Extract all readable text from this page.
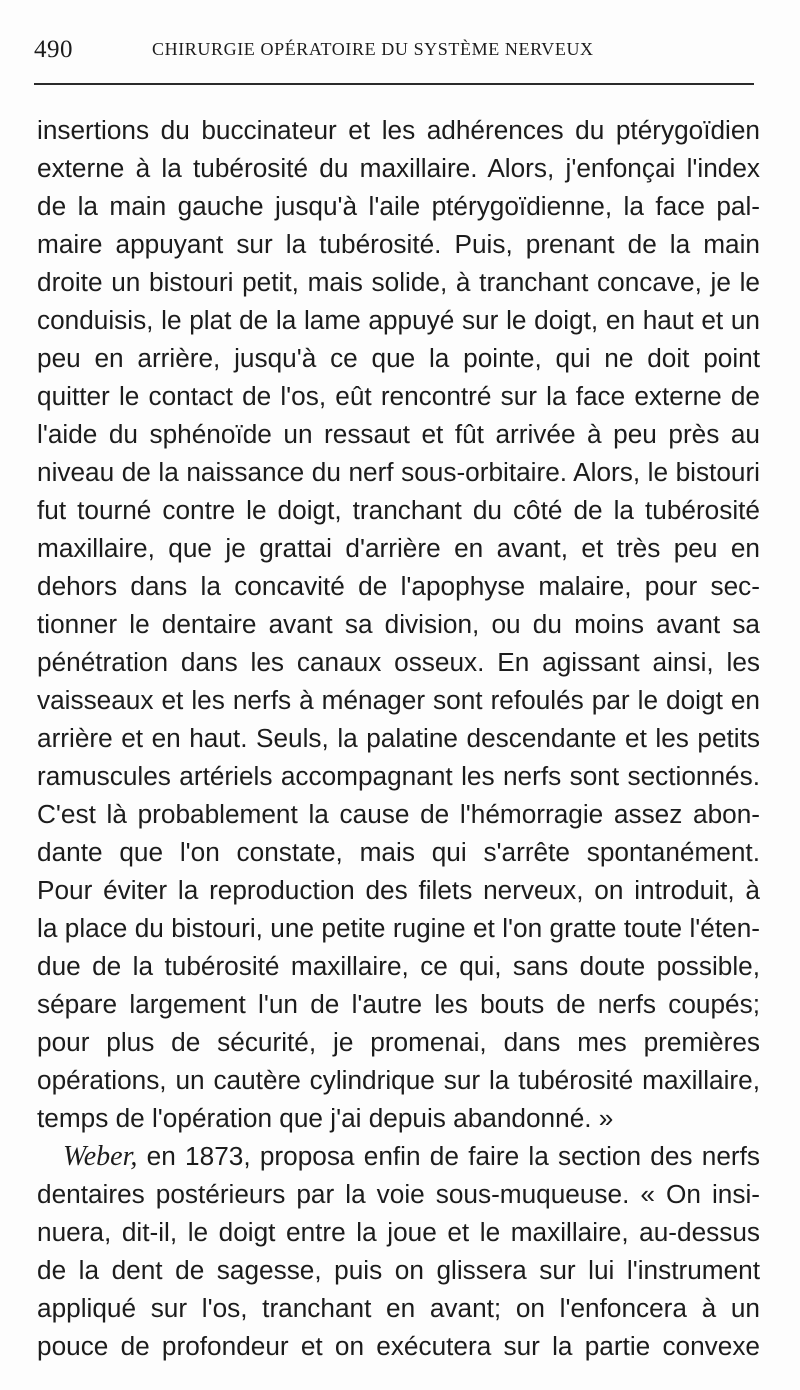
490	CHIRURGIE OPÉRATOIRE DU SYSTÈME NERVEUX
insertions du buccinateur et les adhérences du ptérygoïdien
externe à la tubérosité du maxillaire. Alors, j'enfonçai l'index
de la main gauche jusqu'à l'aile ptérygoïdienne, la face pal-
maire appuyant sur la tubérosité. Puis, prenant de la main
droite un bistouri petit, mais solide, à tranchant concave, je le
conduisis, le plat de la lame appuyé sur le doigt, en haut et un
peu en arrière, jusqu'à ce que la pointe, qui ne doit point
quitter le contact de l'os, eût rencontré sur la face externe de
l'aide du sphénoïde un ressaut et fût arrivée à peu près au
niveau de la naissance du nerf sous-orbitaire. Alors, le bistouri
fut tourné contre le doigt, tranchant du côté de la tubérosité
maxillaire, que je grattai d'arrière en avant, et très peu en
dehors dans la concavité de l'apophyse malaire, pour sec-
tionner le dentaire avant sa division, ou du moins avant sa
pénétration dans les canaux osseux. En agissant ainsi, les
vaisseaux et les nerfs à ménager sont refoulés par le doigt en
arrière et en haut. Seuls, la palatine descendante et les petits
ramuscules artériels accompagnant les nerfs sont sectionnés.
C'est là probablement la cause de l'hémorragie assez abon-
dante que l'on constate, mais qui s'arrête spontanément.
Pour éviter la reproduction des filets nerveux, on introduit, à
la place du bistouri, une petite rugine et l'on gratte toute l'éten-
due de la tubérosité maxillaire, ce qui, sans doute possible,
sépare largement l'un de l'autre les bouts de nerfs coupés;
pour plus de sécurité, je promenai, dans mes premières
opérations, un cautère cylindrique sur la tubérosité maxillaire,
temps de l'opération que j'ai depuis abandonné. »
Weber, en 1873, proposa enfin de faire la section des nerfs
dentaires postérieurs par la voie sous-muqueuse. « On insi-
nuera, dit-il, le doigt entre la joue et le maxillaire, au-dessus
de la dent de sagesse, puis on glissera sur lui l'instrument
appliqué sur l'os, tranchant en avant; on l'enfoncera à un
pouce de profondeur et on exécutera sur la partie convexe
